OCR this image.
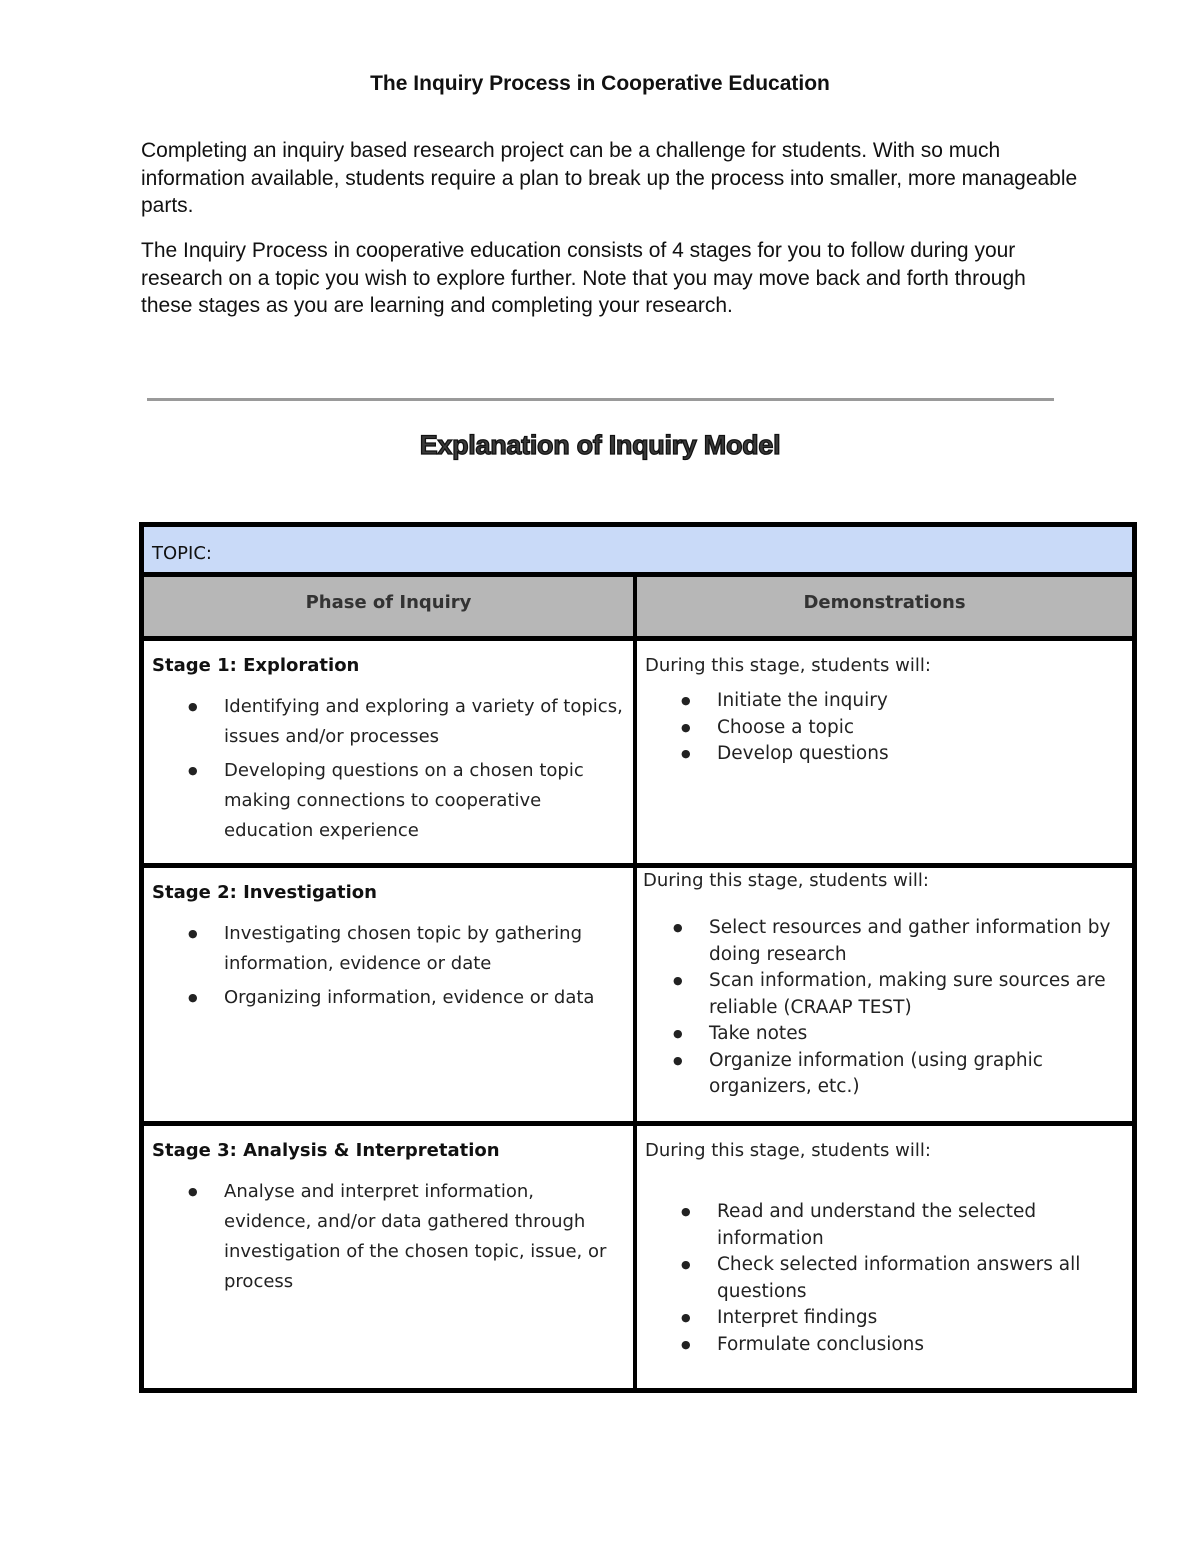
The Inquiry Process in Cooperative Education

Completing an inquiry based research project can be a challenge for students. With so much information available, students require a plan to break up the process into smaller, more manageable parts.

The Inquiry Process in cooperative education consists of 4 stages for you to follow during your research on a topic you wish to explore further. Note that you may move back and forth through these stages as you are learning and completing your research.

Explanation of Inquiry Model
TOPIC:
Phase of Inquiry	Demonstrations

Stage 1: Exploration

● Identifying and exploring a variety of topics, issues and/or processes
● Developing questions on a chosen topic making connections to cooperative education experience

During this stage, students will:

● Initiate the inquiry
● Choose a topic
● Develop questions

Stage 2: Investigation

● Investigating chosen topic by gathering information, evidence or date
● Organizing information, evidence or data

During this stage, students will:

● Select resources and gather information by doing research
● Scan information, making sure sources are reliable (CRAAP TEST)
● Take notes
● Organize information (using graphic organizers, etc.)

Stage 3: Analysis & Interpretation

● Analyse and interpret information, evidence, and/or data gathered through investigation of the chosen topic, issue, or process

During this stage, students will:

● Read and understand the selected information
● Check selected information answers all questions
● Interpret findings
● Formulate conclusions
